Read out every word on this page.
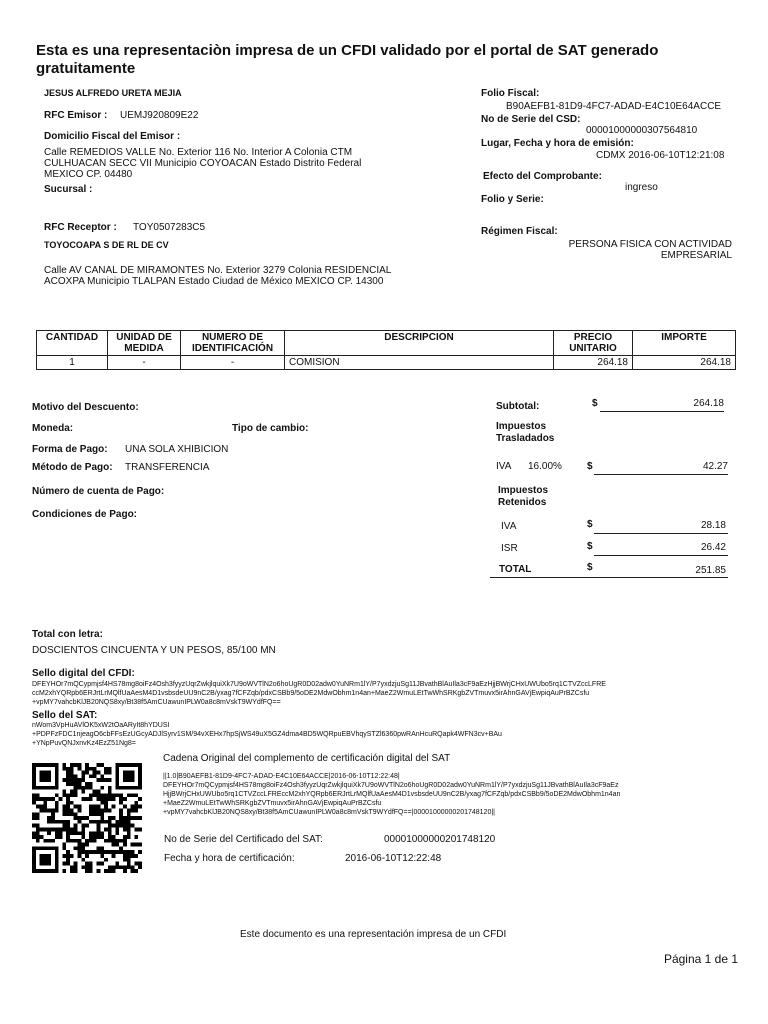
Esta es una representaciòn impresa de un CFDI validado por el portal de SAT generado gratuitamente
JESUS ALFREDO URETA MEJIA
RFC Emisor : UEMJ920809E22
Domicilio Fiscal del Emisor :
Calle REMEDIOS VALLE No. Exterior 116 No. Interior A Colonia CTM
CULHUACAN SECC VII Municipio COYOACAN Estado Distrito Federal
MEXICO CP. 04480
Sucursal :
Folio Fiscal:
B90AEFB1-81D9-4FC7-ADAD-E4C10E64ACCE
No de Serie del CSD:
00001000000307564810
Lugar, Fecha y hora de emisión:
CDMX 2016-06-10T12:21:08
Efecto del Comprobante:
ingreso
Folio y Serie:
Régimen Fiscal:
PERSONA FISICA CON ACTIVIDAD
EMPRESARIAL
RFC Receptor : TOY0507283C5
TOYOCOAPA S DE RL DE CV
Calle AV CANAL DE MIRAMONTES No. Exterior 3279 Colonia RESIDENCIAL
ACOXPA Municipio TLALPAN Estado Ciudad de México MEXICO CP. 14300
CANTIDAD	UNIDAD DE MEDIDA	NUMERO DE IDENTIFICACIÓN	DESCRIPCION	PRECIO UNITARIO	IMPORTE
1	-	-	COMISION	264.18	264.18
Motivo del Descuento:
Moneda:	Tipo de cambio:
Forma de Pago: UNA SOLA XHIBICION
Método de Pago: TRANSFERENCIA
Número de cuenta de Pago:
Condiciones de Pago:
Subtotal:	$	264.18
Impuestos
Trasladados
IVA 16.00%	$	42.27
Impuestos
Retenidos
IVA	$	28.18
ISR	$	26.42
TOTAL	$	251.85
Total con letra:
DOSCIENTOS CINCUENTA Y UN PESOS, 85/100 MN
Sello digital del CFDI:
DFEYHOr7mQCypmjsf4HS78mg8oiFz4Osh3fyyzUqrZwkjlquiXk7U9oWVTlN2o6hoUgR0D02adw0YuNRm1lY/P7yxdzjuSg11JBvathBlAuIla3cF9aEzHjjBWrjCHxUWUbo5rq1CTVZccLFRE
ccM2xhYQRpb6ERJrtLrMQlfUaAesM4D1vsbsdeUU9nC2B/yxag7fCFZqb/pdxCSBb9/5oDE2MdwObhm1n4an+MaeZ2WmuLEtTwWhSRKgbZVTmuvx5irAhnGAVjEwpiqAuPrBZCsfu
+vpMY7vahcbKlJB20NQS8xy/Bt38f5AmCUawunIPLW0a8c8mVskT9WYdfFQ==
Sello del SAT:
nWom3VpHuAVlOK5xW2tOaARyIt8hYDUSI
+PDPFzFDC1njeagO6cbFFsEzUGcyADJlSyrv1SM/94vXEHx7hpSjWS49uX5GZ4dma4BD5WQRpuEBVhqySTZl6360pwRAnHcuRQapk4WFN3cv+BAu
+YNpPuvQNJxnvKz4EzZ51Ng8=
Cadena Original del complemento de certificación digital del SAT
||1.0|B90AEFB1-81D9-4FC7-ADAD-E4C10E64ACCE|2016-06-10T12:22:48|
DFEYHOr7mQCypmjsf4HS78mg8oiFz4Osh3fyyzUqrZwkjlquiXk7U9oWVTlN2o6hoUgR0D02adw0YuNRm1lY/P7yxdzjuSg11JBvathBlAuIla3cF9aEz
HjjBWrjCHxUWUbo5rq1CTVZccLFREccM2xhYQRpb6ERJrtLrMQlfUaAesM4D1vsbsdeUU9nC2B/yxag7fCFZqb/pdxCSBb9/5oDE2MdwObhm1n4an
+MaeZ2WmuLEtTwWhSRKgbZVTmuvx5irAhnGAVjEwpiqAuPrBZCsfu
+vpMY7vahcbKlJB20NQS8xy/Bt38f5AmCUawunIPLW0a8c8mVskT9WYdfFQ==|00001000000201748120||
No de Serie del Certificado del SAT:	00001000000201748120
Fecha y hora de certificación:	2016-06-10T12:22:48
Este documento es una representación impresa de un CFDI
Página 1 de 1
